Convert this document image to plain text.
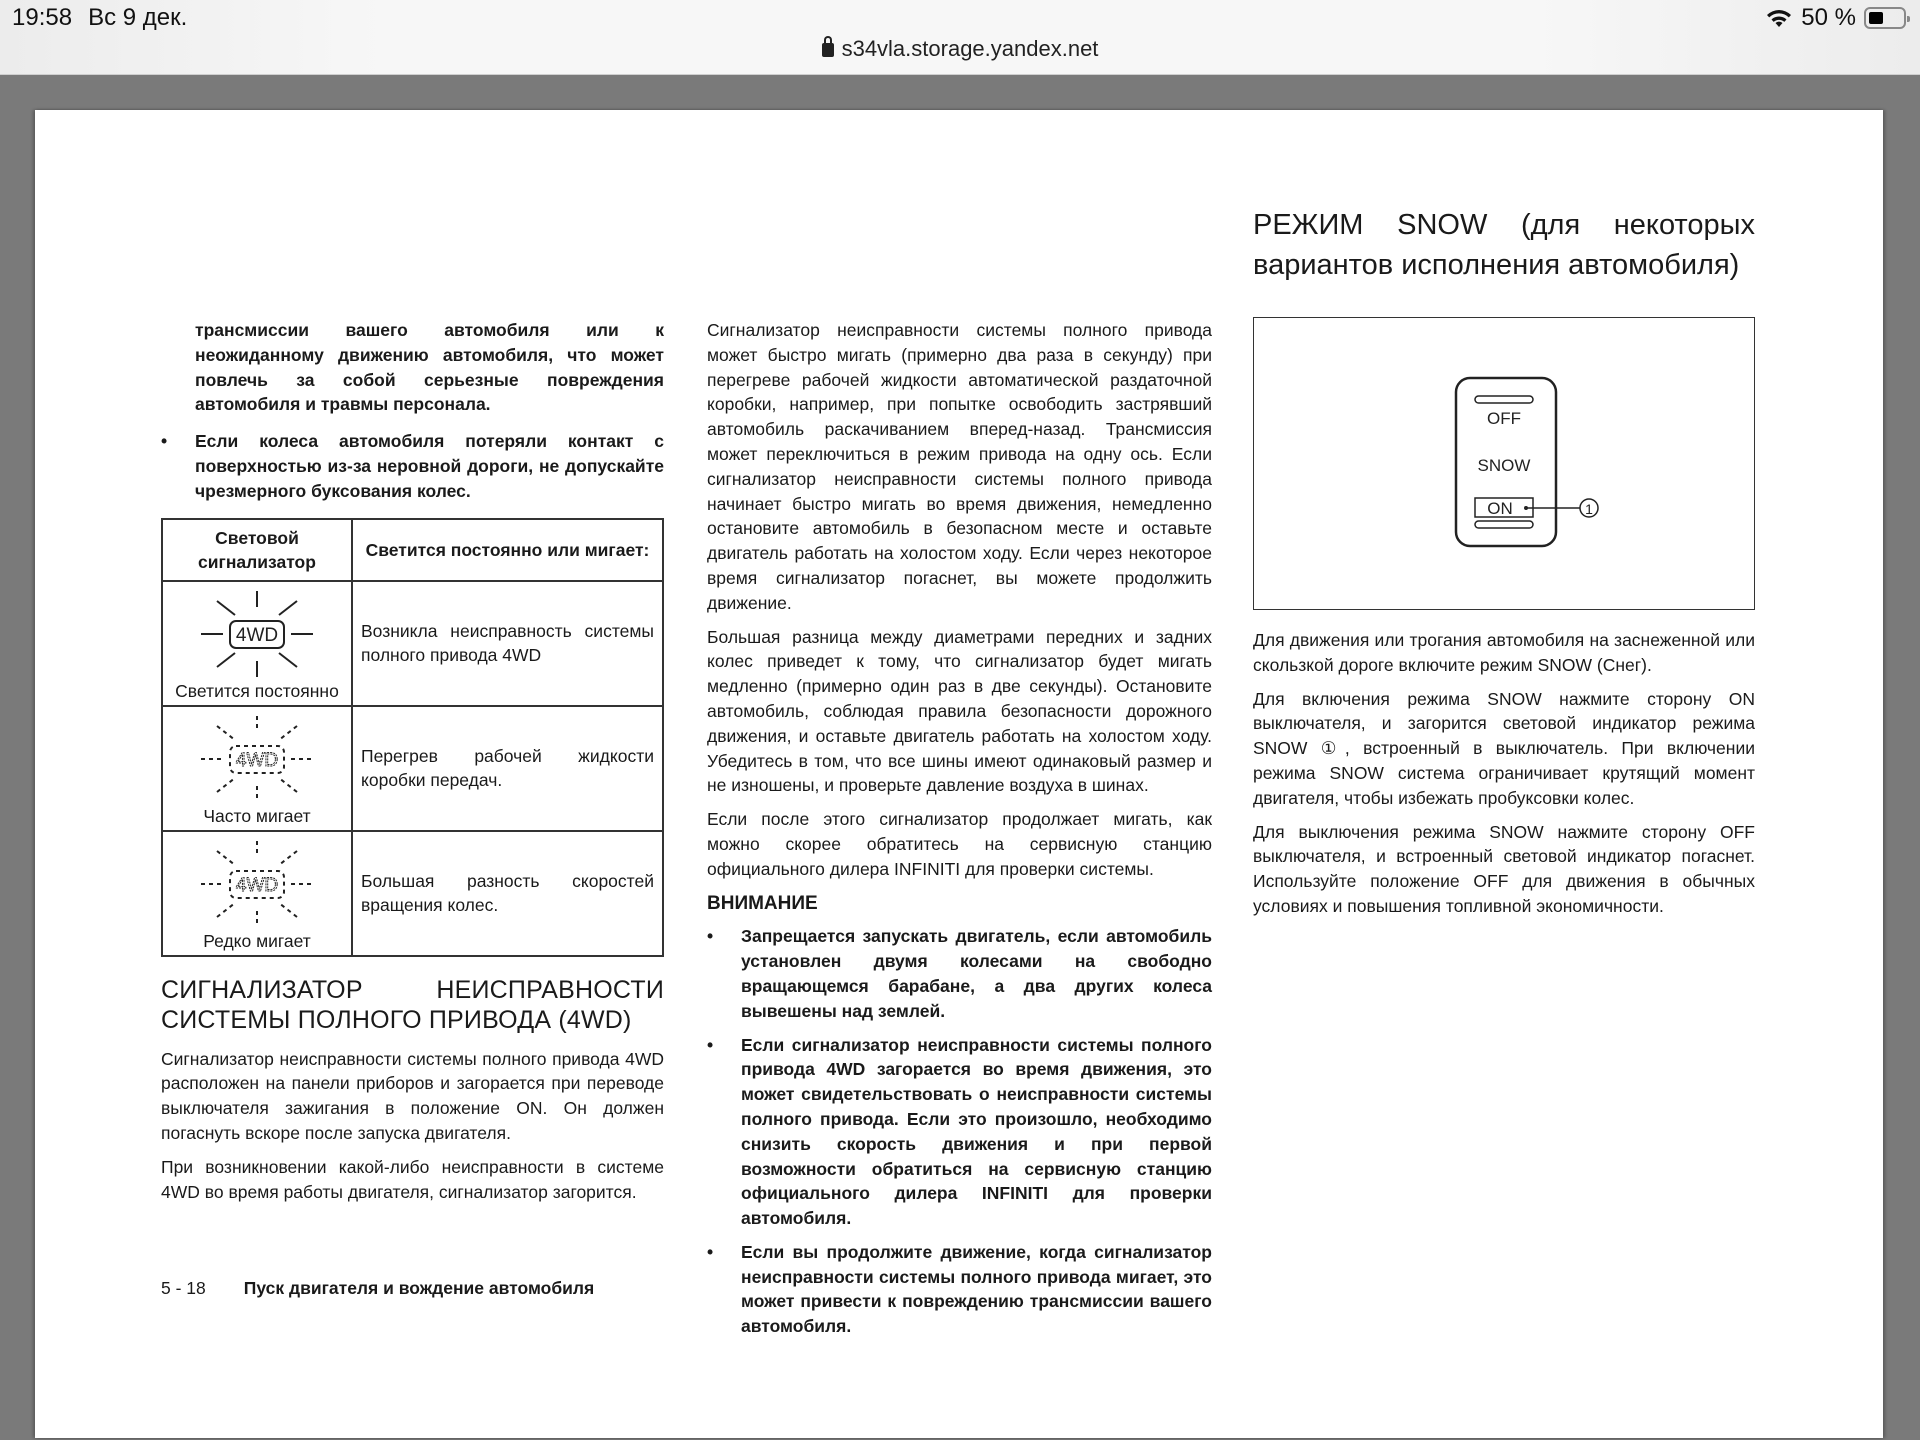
19:58 Вс 9 дек.	50 %
s34vla.storage.yandex.net
трансмиссии вашего автомобиля или к неожиданному движению автомобиля, что может повлечь за собой серьезные повреждения автомобиля и травмы персонала.
• Если колеса автомобиля потеряли контакт с поверхностью из-за неровной дороги, не допускайте чрезмерного буксования колес.
Световой сигнализатор	Светится постоянно или мигает:

4WD
Светится постоянно	Возникла неисправность системы полного привода 4WD

4WD
Часто мигает	Перегрев рабочей жидкости коробки передач.

4WD
Редко мигает	Большая разность скоростей вращения колес.
СИГНАЛИЗАТОР НЕИСПРАВНОСТИ СИСТЕМЫ ПОЛНОГО ПРИВОДА (4WD)

Сигнализатор неисправности системы полного привода 4WD расположен на панели приборов и загорается при переводе выключателя зажигания в положение ON. Он должен погаснуть вскоре после запуска двигателя.

При возникновении какой-либо неисправности в системе 4WD во время работы двигателя, сигнализатор загорится.

Сигнализатор неисправности системы полного привода может быстро мигать (примерно два раза в секунду) при перегреве рабочей жидкости автоматической раздаточной коробки, например, при попытке освободить застрявший автомобиль раскачиванием вперед-назад. Трансмиссия может переключиться в режим привода на одну ось. Если сигнализатор неисправности системы полного привода начинает быстро мигать во время движения, немедленно остановите автомобиль в безопасном месте и оставьте двигатель работать на холостом ходу. Если через некоторое время сигнализатор погаснет, вы можете продолжить движение.

Большая разница между диаметрами передних и задних колес приведет к тому, что сигнализатор будет мигать медленно (примерно один раз в две секунды). Остановите автомобиль, соблюдая правила безопасности дорожного движения, и оставьте двигатель работать на холостом ходу. Убедитесь в том, что все шины имеют одинаковый размер и не изношены, и проверьте давление воздуха в шинах.

Если после этого сигнализатор продолжает мигать, как можно скорее обратитесь на сервисную станцию официального дилера INFINITI для проверки системы.

ВНИМАНИЕ
• Запрещается запускать двигатель, если автомобиль установлен двумя колесами на свободно вращающемся барабане, а два других колеса вывешены над землей.
• Если сигнализатор неисправности системы полного привода 4WD загорается во время движения, это может свидетельствовать о неисправности системы полного привода. Если это произошло, необходимо снизить скорость движения и при первой возможности обратиться на сервисную станцию официального дилера INFINITI для проверки автомобиля.
• Если вы продолжите движение, когда сигнализатор неисправности системы полного привода мигает, это может привести к повреждению трансмиссии вашего автомобиля.
РЕЖИМ SNOW (для некоторых вариантов исполнения автомобиля)
OFF
SNOW
ON	1

Для движения или трогания автомобиля на заснеженной или скользкой дороге включите режим SNOW (Снег).

Для включения режима SNOW нажмите сторону ON выключателя, и загорится световой индикатор режима SNOW ①, встроенный в выключатель. При включении режима SNOW система ограничивает крутящий момент двигателя, чтобы избежать пробуксовки колес.

Для выключения режима SNOW нажмите сторону OFF выключателя, и встроенный световой индикатор погаснет. Используйте положение OFF для движения в обычных условиях и повышения топливной экономичности.

5 - 18 Пуск двигателя и вождение автомобиля
